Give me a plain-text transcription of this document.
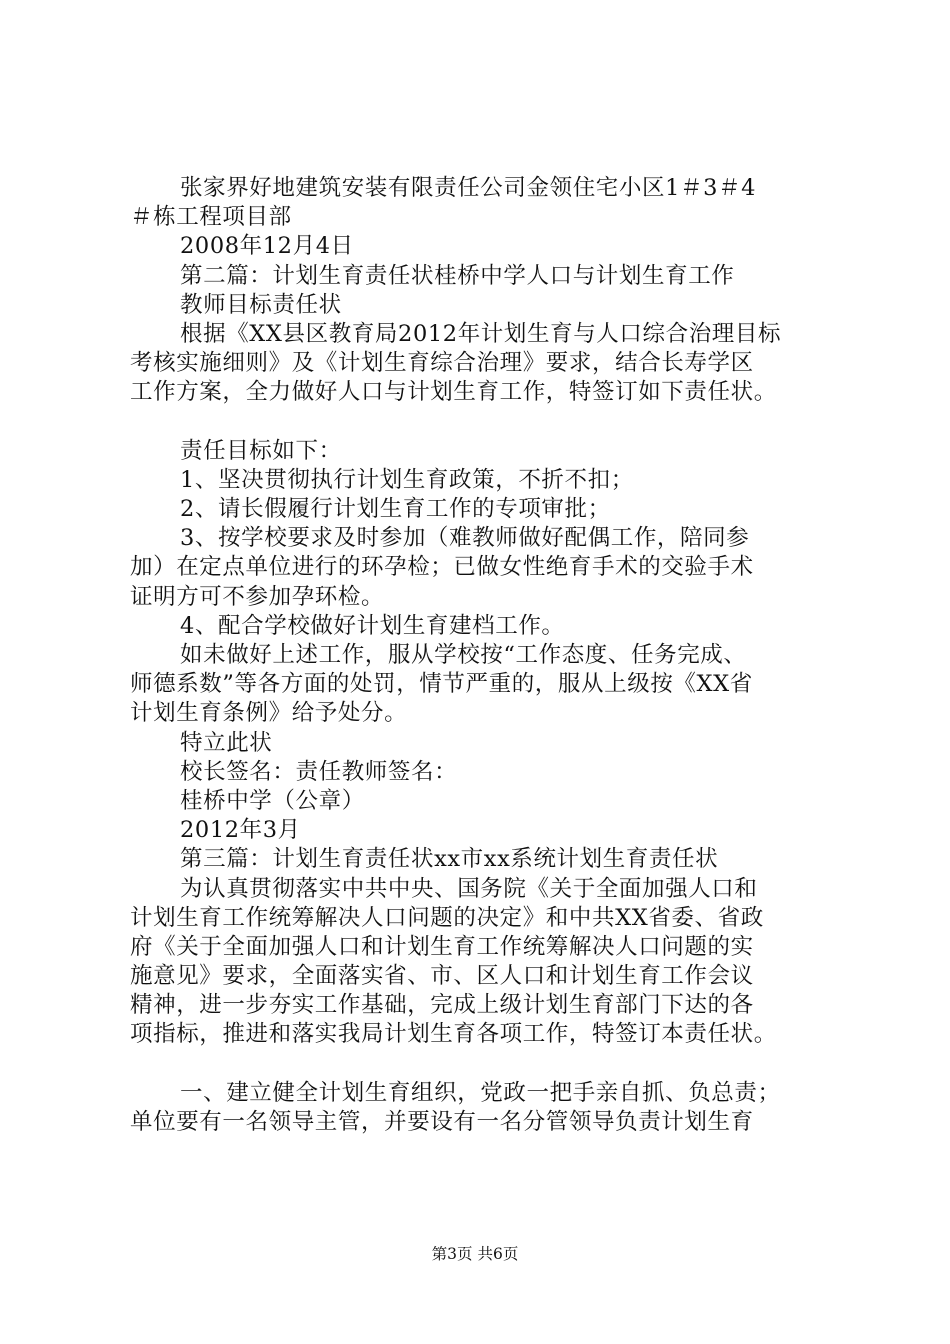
张家界好地建筑安装有限责任公司金领住宅小区1＃3＃4
＃栋工程项目部
2008年12月4日
第二篇：计划生育责任状桂桥中学人口与计划生育工作
教师目标责任状
根据《XX县区教育局2012年计划生育与人口综合治理目标
考核实施细则》及《计划生育综合治理》要求，结合长寿学区
工作方案，全力做好人口与计划生育工作，特签订如下责任状。
责任目标如下：
1、坚决贯彻执行计划生育政策，不折不扣；
2、请长假履行计划生育工作的专项审批；
3、按学校要求及时参加（难教师做好配偶工作，陪同参
加）在定点单位进行的环孕检；已做女性绝育手术的交验手术
证明方可不参加孕环检。
4、配合学校做好计划生育建档工作。
如未做好上述工作，服从学校按“工作态度、任务完成、
师德系数”等各方面的处罚，情节严重的，服从上级按《XX省
计划生育条例》给予处分。
特立此状
校长签名：责任教师签名：
桂桥中学（公章）
2012年3月
第三篇：计划生育责任状xx市xx系统计划生育责任状
为认真贯彻落实中共中央、国务院《关于全面加强人口和
计划生育工作统筹解决人口问题的决定》和中共XX省委、省政
府《关于全面加强人口和计划生育工作统筹解决人口问题的实
施意见》要求，全面落实省、市、区人口和计划生育工作会议
精神，进一步夯实工作基础，完成上级计划生育部门下达的各
项指标，推进和落实我局计划生育各项工作，特签订本责任状。
一、建立健全计划生育组织，党政一把手亲自抓、负总责；
单位要有一名领导主管，并要设有一名分管领导负责计划生育
第3页 共6页
